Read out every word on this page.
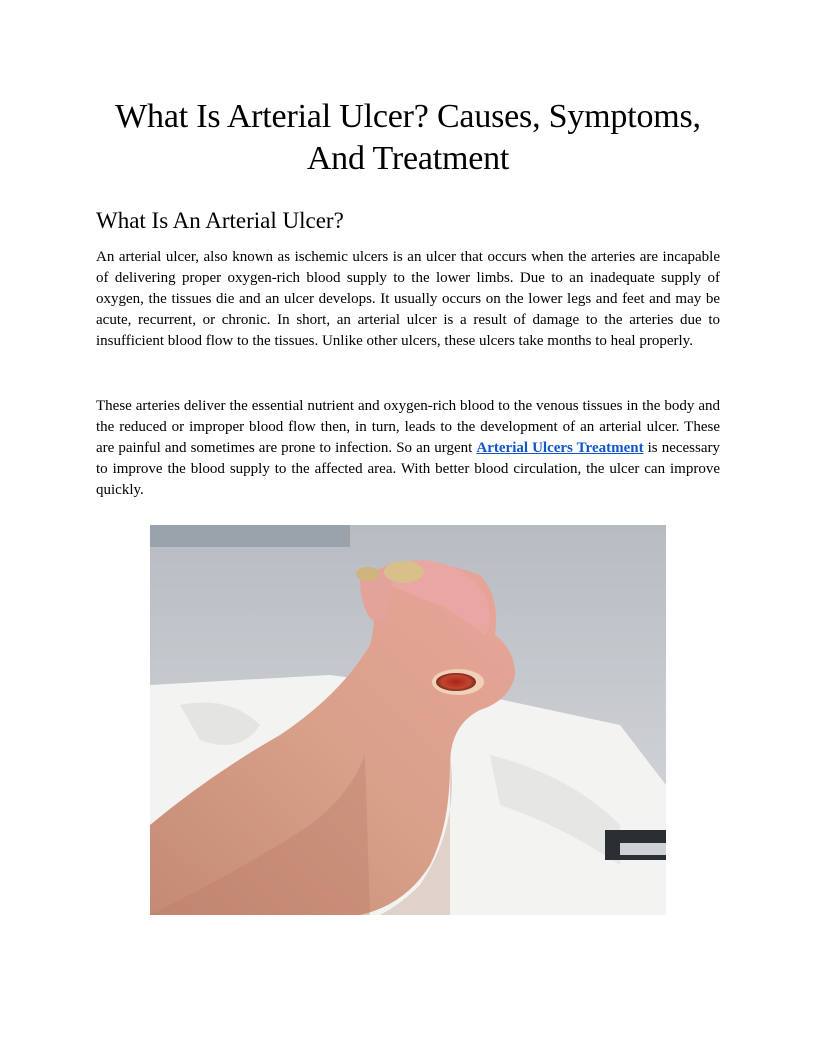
What Is Arterial Ulcer? Causes, Symptoms, And Treatment
What Is An Arterial Ulcer?

An arterial ulcer, also known as ischemic ulcers is an ulcer that occurs when the arteries are incapable of delivering proper oxygen-rich blood supply to the lower limbs. Due to an inadequate supply of oxygen, the tissues die and an ulcer develops. It usually occurs on the lower legs and feet and may be acute, recurrent, or chronic. In short, an arterial ulcer is a result of damage to the arteries due to insufficient blood flow to the tissues. Unlike other ulcers, these ulcers take months to heal properly.

These arteries deliver the essential nutrient and oxygen-rich blood to the venous tissues in the body and the reduced or improper blood flow then, in turn, leads to the development of an arterial ulcer. These are painful and sometimes are prone to infection. So an urgent Arterial Ulcers Treatment is necessary to improve the blood supply to the affected area. With better blood circulation, the ulcer can improve quickly.
